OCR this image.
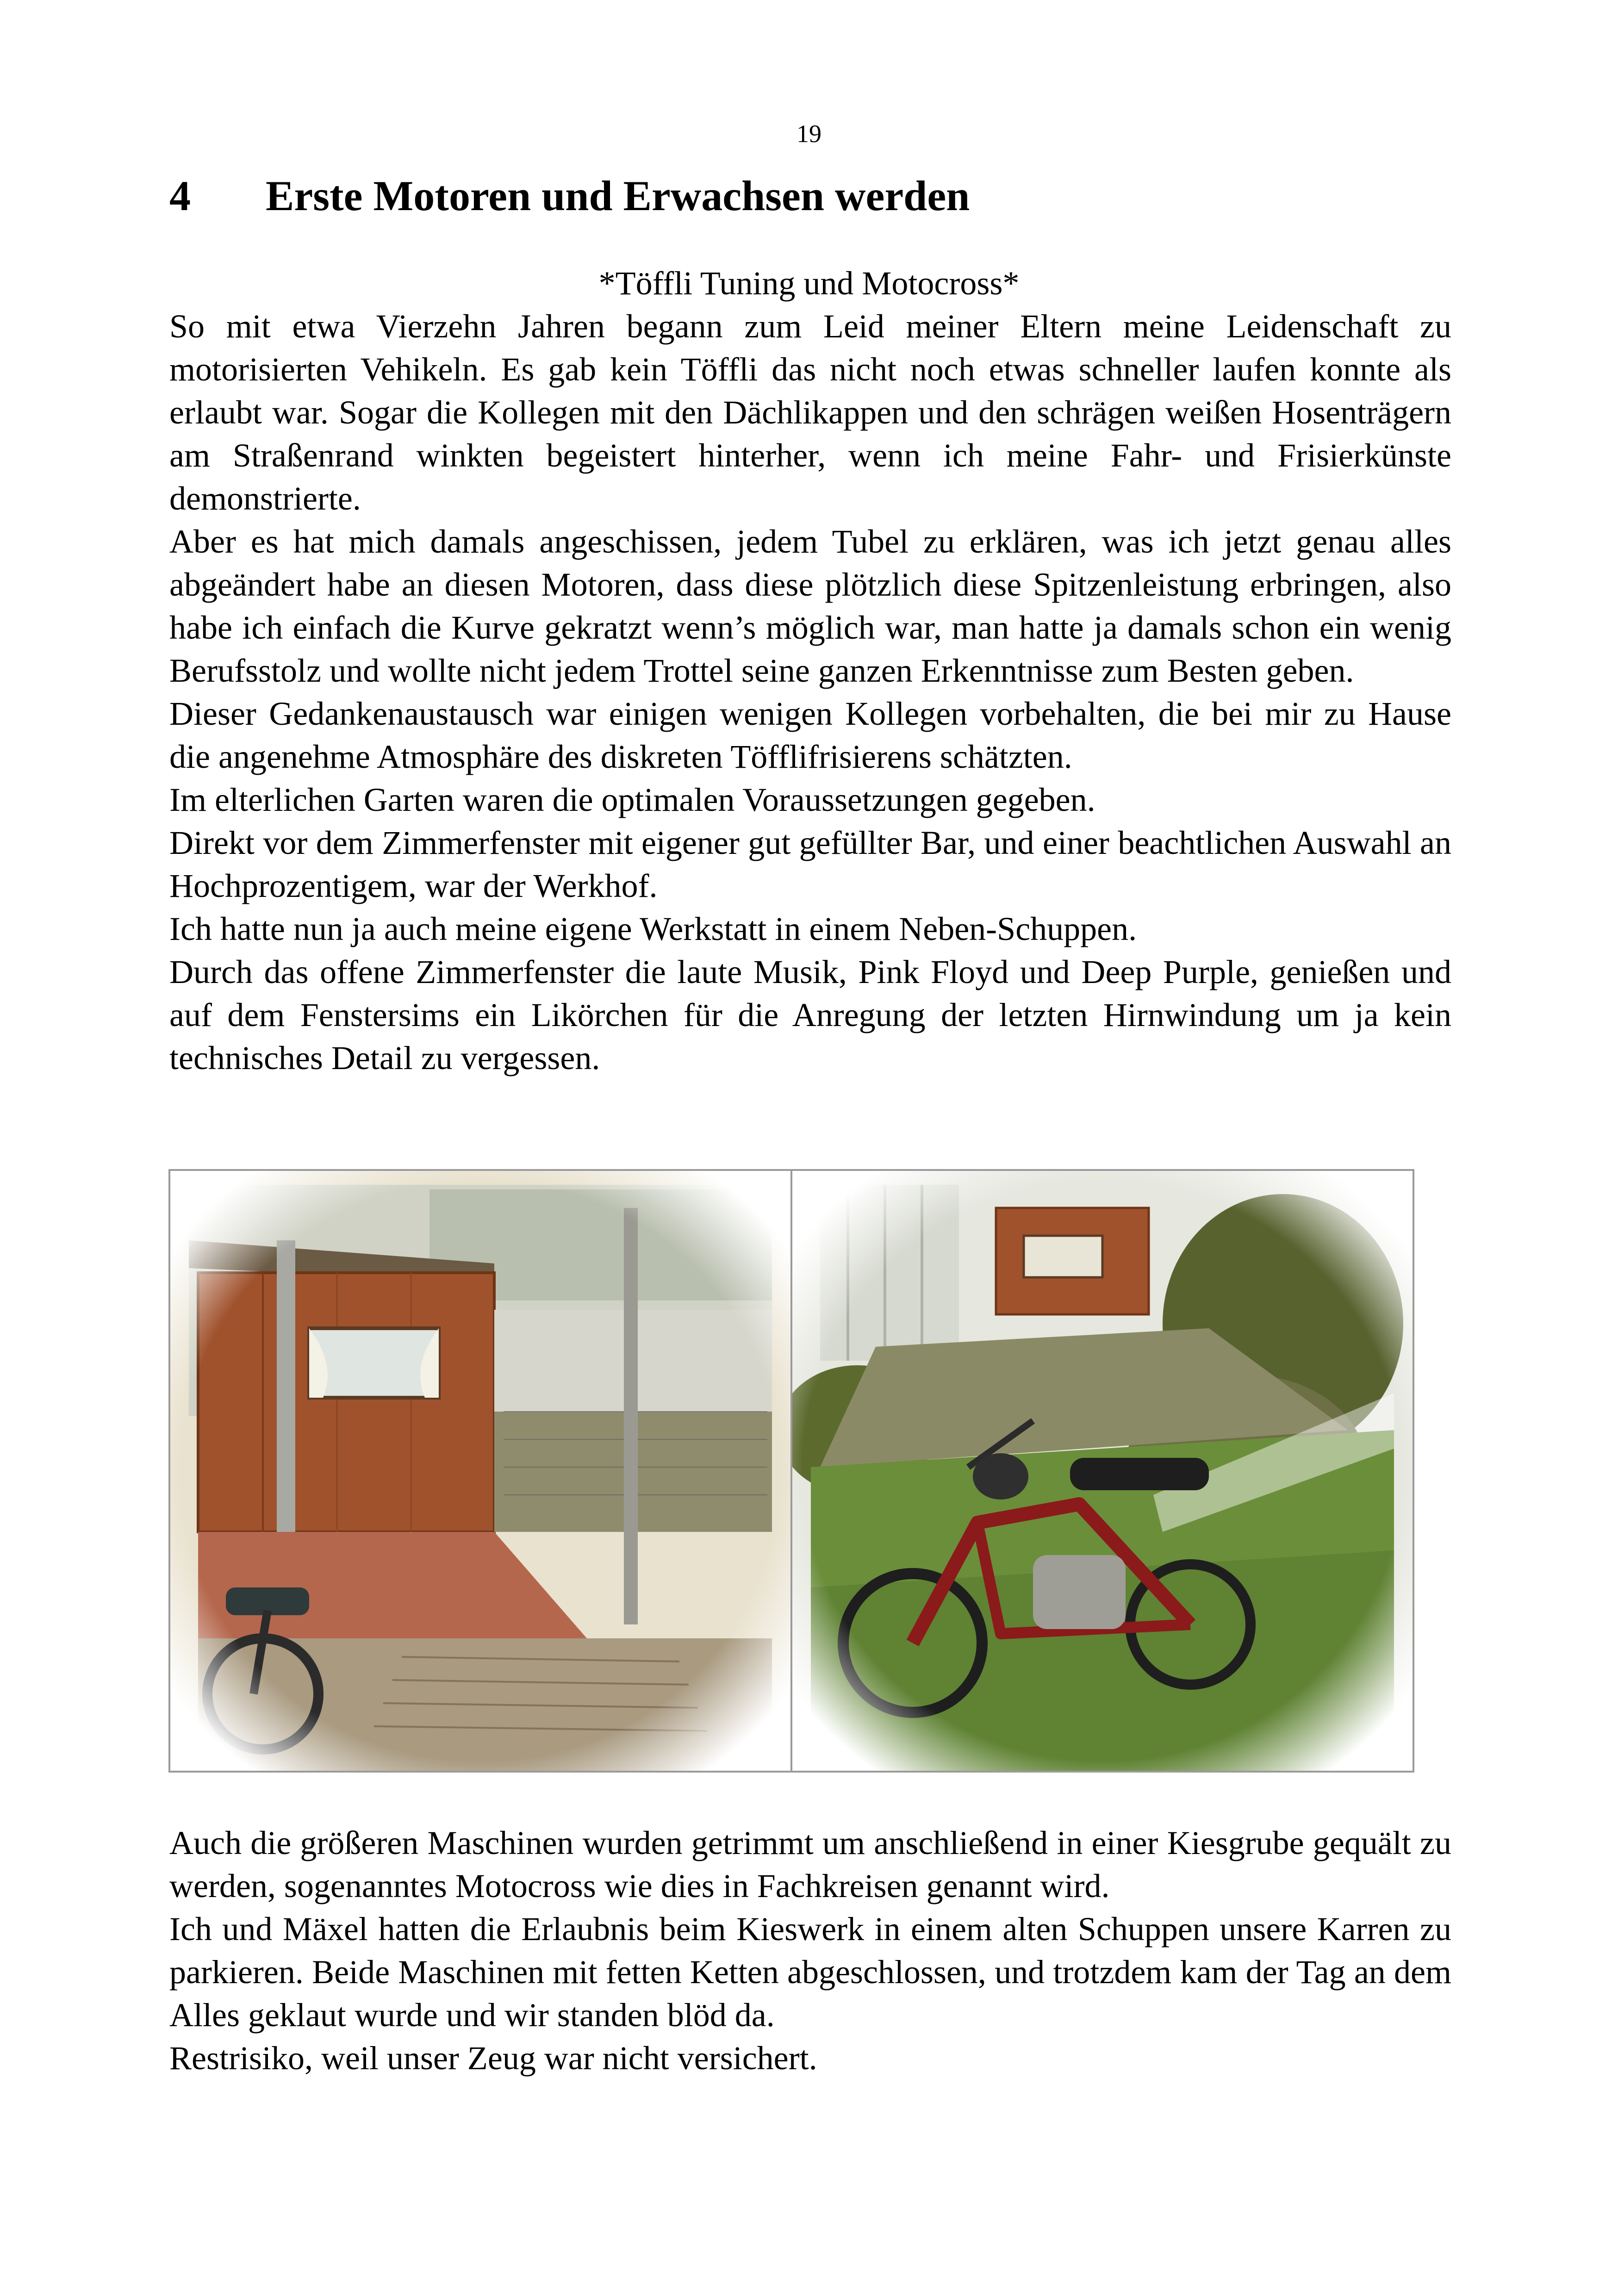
19
4 Erste Motoren und Erwachsen werden
*Töffli Tuning und Motocross*

So mit etwa Vierzehn Jahren begann zum Leid meiner Eltern meine Leidenschaft zu motorisierten Vehikeln. Es gab kein Töffli das nicht noch etwas schneller laufen konnte als erlaubt war. Sogar die Kollegen mit den Dächlikappen und den schrägen weißen Hosenträgern am Straßenrand winkten begeistert hinterher, wenn ich meine Fahr- und Frisierkünste demonstrierte.

Aber es hat mich damals angeschissen, jedem Tubel zu erklären, was ich jetzt genau alles abgeändert habe an diesen Motoren, dass diese plötzlich diese Spitzenleistung erbringen, also habe ich einfach die Kurve gekratzt wenn’s möglich war, man hatte ja damals schon ein wenig Berufsstolz und wollte nicht jedem Trottel seine ganzen Erkenntnisse zum Besten geben.

Dieser Gedankenaustausch war einigen wenigen Kollegen vorbehalten, die bei mir zu Hause die angenehme Atmosphäre des diskreten Töfflifrisierens schätzten.

Im elterlichen Garten waren die optimalen Voraussetzungen gegeben.

Direkt vor dem Zimmerfenster mit eigener gut gefüllter Bar, und einer beachtlichen Auswahl an Hochprozentigem, war der Werkhof.

Ich hatte nun ja auch meine eigene Werkstatt in einem Neben-Schuppen.

Durch das offene Zimmerfenster die laute Musik, Pink Floyd und Deep Purple, genießen und auf dem Fenstersims ein Likörchen für die Anregung der letzten Hirnwindung um ja kein technisches Detail zu vergessen.

Auch die größeren Maschinen wurden getrimmt um anschließend in einer Kiesgrube gequält zu werden, sogenanntes Motocross wie dies in Fachkreisen genannt wird.

Ich und Mäxel hatten die Erlaubnis beim Kieswerk in einem alten Schuppen unsere Karren zu parkieren. Beide Maschinen mit fetten Ketten abgeschlossen, und trotzdem kam der Tag an dem Alles geklaut wurde und wir standen blöd da.

Restrisiko, weil unser Zeug war nicht versichert.
